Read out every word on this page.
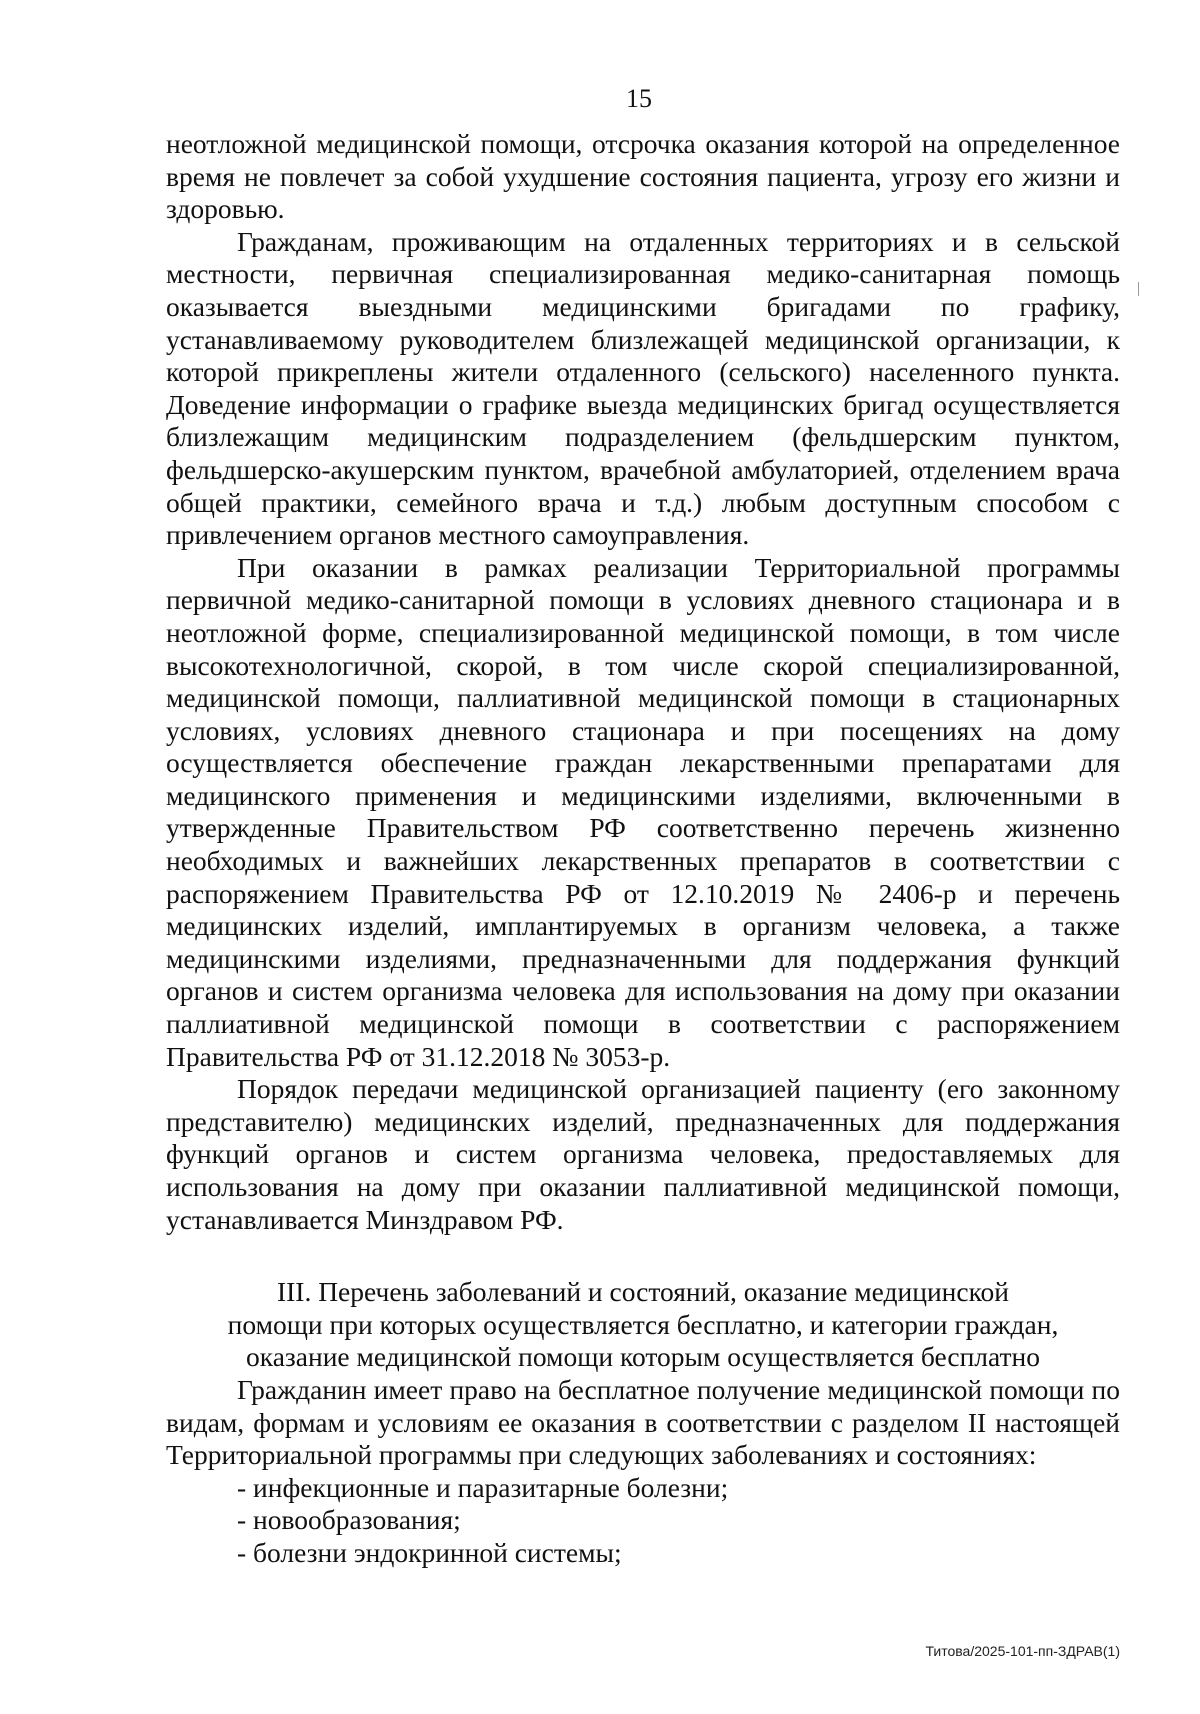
15

неотложной медицинской помощи, отсрочка оказания которой на определенное время не повлечет за собой ухудшение состояния пациента, угрозу его жизни и здоровью.

Гражданам, проживающим на отдаленных территориях и в сельской местности, первичная специализированная медико-санитарная помощь оказывается выездными медицинскими бригадами по графику, устанавливаемому руководителем близлежащей медицинской организации, к которой прикреплены жители отдаленного (сельского) населенного пункта. Доведение информации о графике выезда медицинских бригад осуществляется близлежащим медицинским подразделением (фельдшерским пунктом, фельдшерско-акушерским пунктом, врачебной амбулаторией, отделением врача общей практики, семейного врача и т.д.) любым доступным способом с привлечением органов местного самоуправления.

При оказании в рамках реализации Территориальной программы первичной медико-санитарной помощи в условиях дневного стационара и в неотложной форме, специализированной медицинской помощи, в том числе высокотехнологичной, скорой, в том числе скорой специализированной, медицинской помощи, паллиативной медицинской помощи в стационарных условиях, условиях дневного стационара и при посещениях на дому осуществляется обеспечение граждан лекарственными препаратами для медицинского применения и медицинскими изделиями, включенными в утвержденные Правительством РФ соответственно перечень жизненно необходимых и важнейших лекарственных препаратов в соответствии с распоряжением Правительства РФ от 12.10.2019 № 2406-р и перечень медицинских изделий, имплантируемых в организм человека, а также медицинскими изделиями, предназначенными для поддержания функций органов и систем организма человека для использования на дому при оказании паллиативной медицинской помощи в соответствии с распоряжением Правительства РФ от 31.12.2018 № 3053-р.

Порядок передачи медицинской организацией пациенту (его законному представителю) медицинских изделий, предназначенных для поддержания функций органов и систем организма человека, предоставляемых для использования на дому при оказании паллиативной медицинской помощи, устанавливается Минздравом РФ.

III. Перечень заболеваний и состояний, оказание медицинской
помощи при которых осуществляется бесплатно, и категории граждан,
оказание медицинской помощи которым осуществляется бесплатно

Гражданин имеет право на бесплатное получение медицинской помощи по видам, формам и условиям ее оказания в соответствии с разделом II настоящей Территориальной программы при следующих заболеваниях и состояниях:

- инфекционные и паразитарные болезни;
- новообразования;
- болезни эндокринной системы;
Титова/2025-101-пп-ЗДРАВ(1)
